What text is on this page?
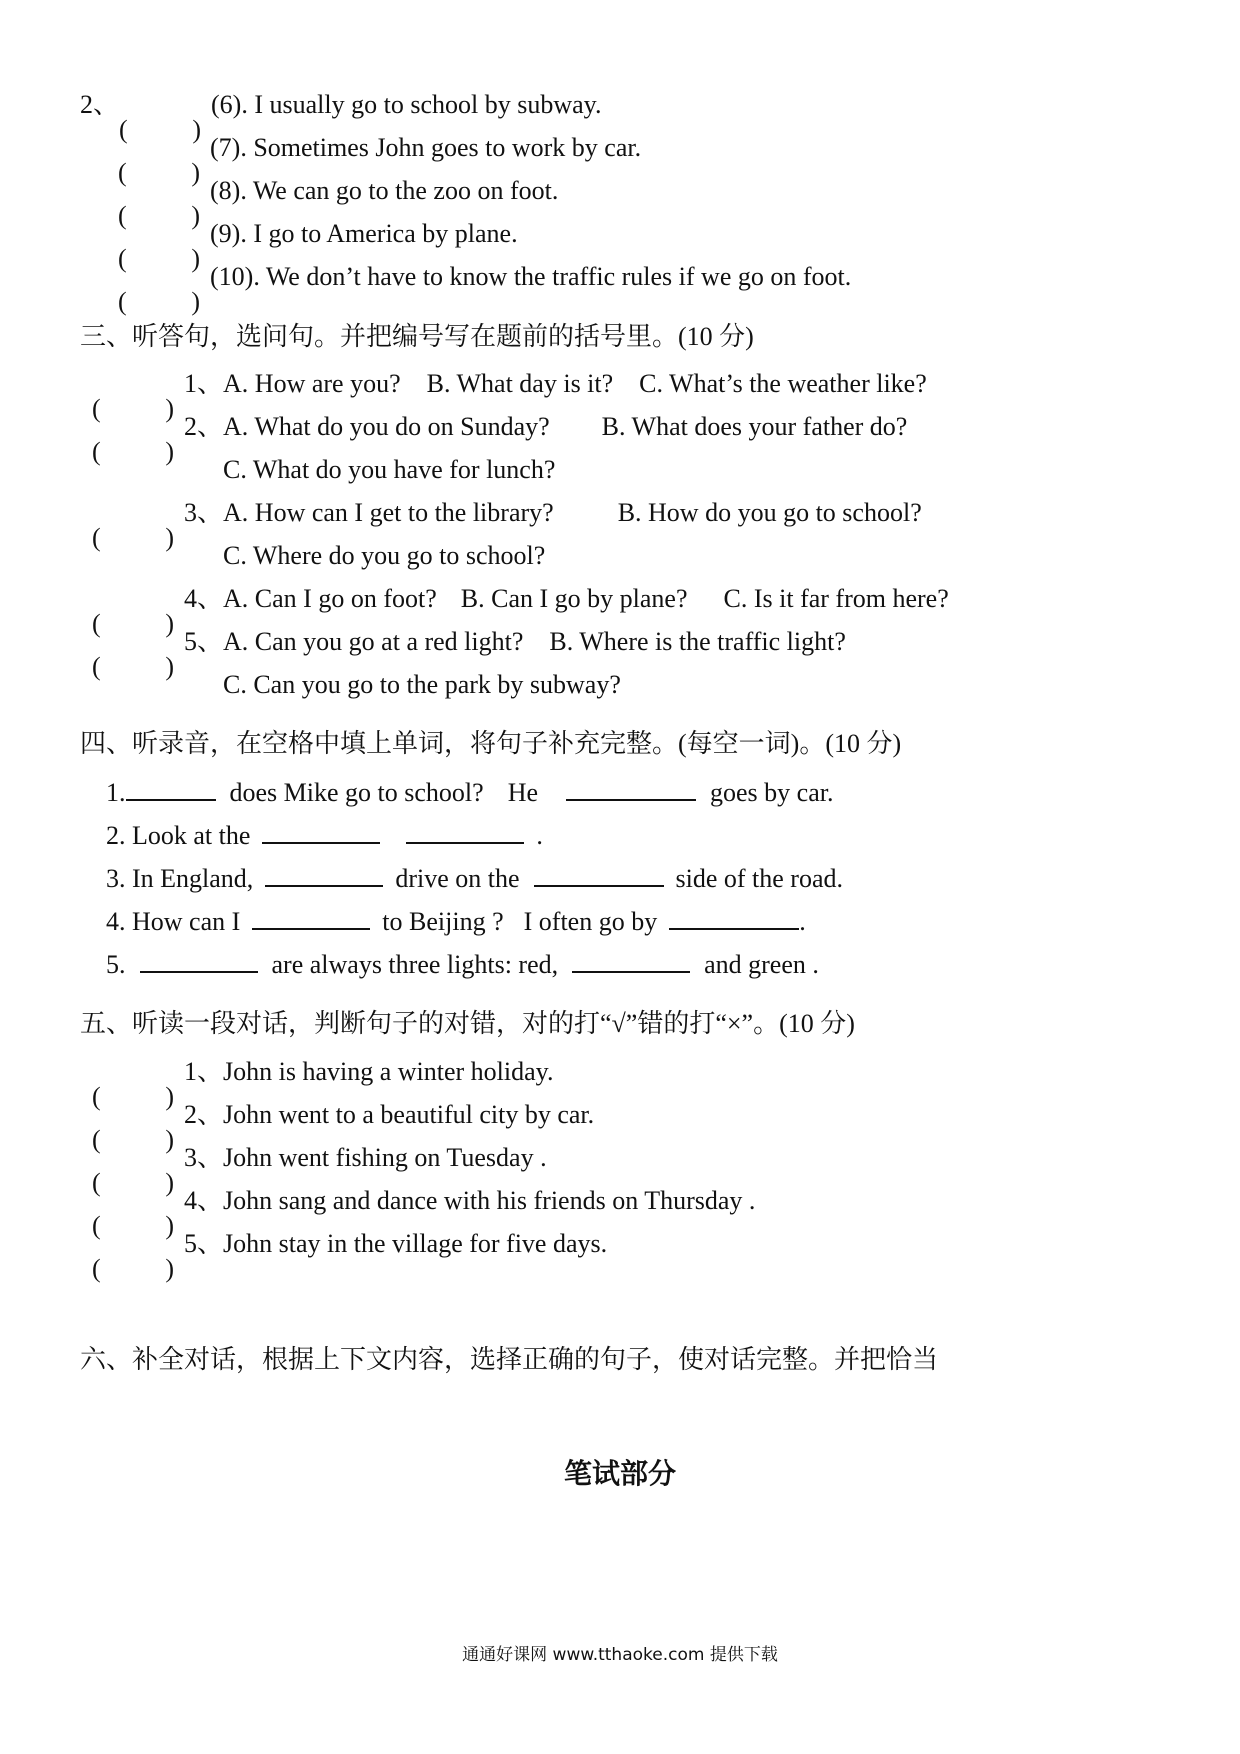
2、
( )
(6). I usually go to school by subway.
( )
(7). Sometimes John goes to work by car.
( )
(8). We can go to the zoo on foot.
( )
(9). I go to America by plane.
( )
(10). We don’t have to know the traffic rules if we go on foot.
三、听答句，选问句。并把编号写在题前的括号里。(10 分)
( )
1、A. How are you? B. What day is it? C. What’s the weather like?
( )
2、A. What do you do on Sunday? B. What does your father do?
C. What do you have for lunch?
( )
3、A. How can I get to the library? B. How do you go to school?
C. Where do you go to school?
( )
4、A. Can I go on foot? B. Can I go by plane? C. Is it far from here?
( )
5、A. Can you go at a red light? B. Where is the traffic light?
C. Can you go to the park by subway?
四、听录音，在空格中填上单词，将句子补充完整。(每空一词)。(10 分)
1.	does Mike go to school? He	goes by car.
2. Look at the	.
3. In England,	drive on the	side of the road.
4. How can I	to Beijing ? I often go by	.
5.	are always three lights: red,	and green .
五、听读一段对话，判断句子的对错，对的打“√”错的打“×”。(10 分)
( )
1、John is having a winter holiday.
( )
2、John went to a beautiful city by car.
( )
3、John went fishing on Tuesday .
( )
4、John sang and dance with his friends on Thursday .
( )
5、John stay in the village for five days.
笔试部分
六、补全对话，根据上下文内容，选择正确的句子，使对话完整。并把恰当
通通好课网 www.tthaoke.com 提供下载
